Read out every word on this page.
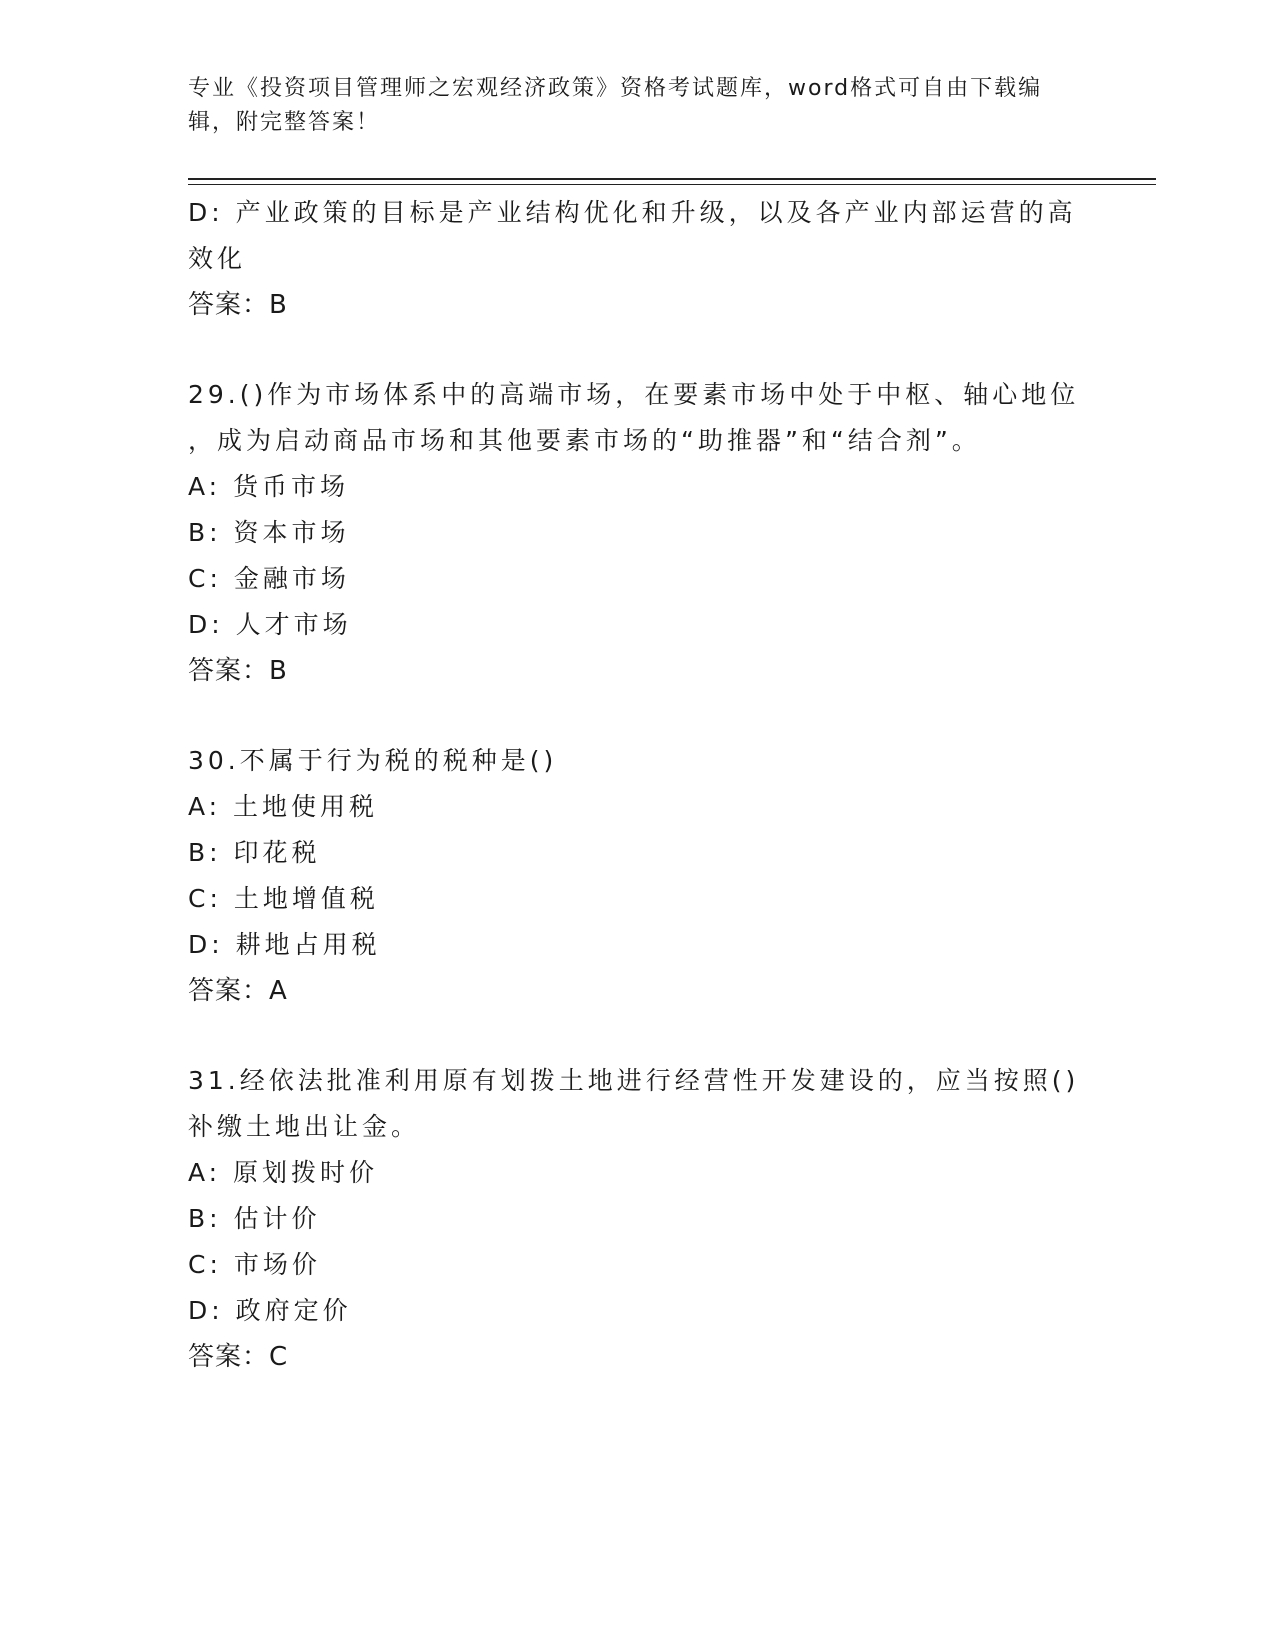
专业《投资项目管理师之宏观经济政策》资格考试题库，word格式可自由下载编
辑，附完整答案！
D: 产业政策的目标是产业结构优化和升级，以及各产业内部运营的高
效化
答案：B
29.()作为市场体系中的高端市场，在要素市场中处于中枢、轴心地位
，成为启动商品市场和其他要素市场的“助推器”和“结合剂”。
A: 货币市场
B: 资本市场
C: 金融市场
D: 人才市场
答案：B
30.不属于行为税的税种是()
A: 土地使用税
B: 印花税
C: 土地增值税
D: 耕地占用税
答案：A
31.经依法批准利用原有划拨土地进行经营性开发建设的，应当按照()
补缴土地出让金。
A: 原划拨时价
B: 估计价
C: 市场价
D: 政府定价
答案：C
